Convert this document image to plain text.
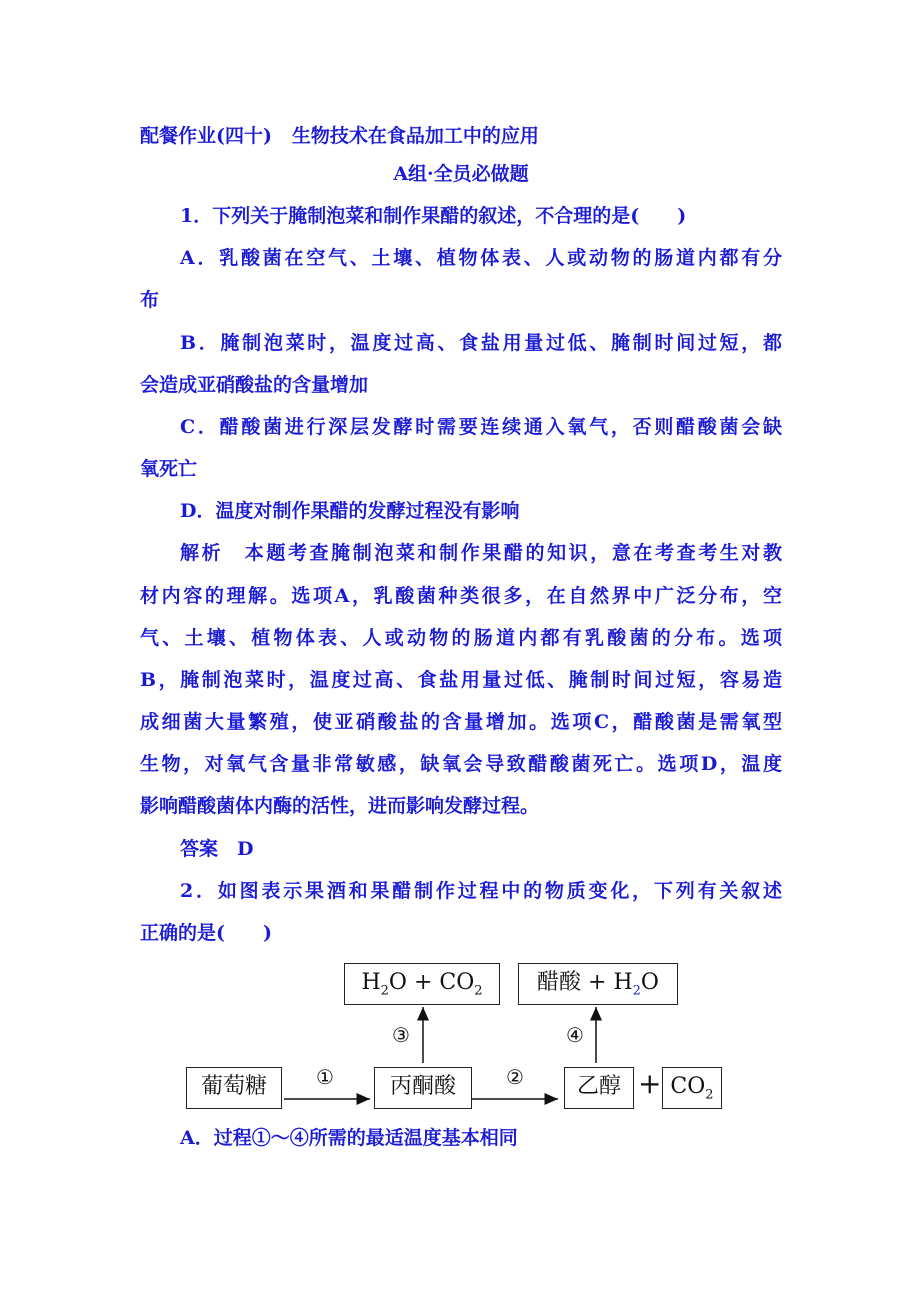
配餐作业(四十) 生物技术在食品加工中的应用
A组·全员必做题
1．下列关于腌制泡菜和制作果醋的叙述，不合理的是(　　)
A．乳酸菌在空气、土壤、植物体表、人或动物的肠道内都有分
布
B．腌制泡菜时，温度过高、食盐用量过低、腌制时间过短，都
会造成亚硝酸盐的含量增加
C．醋酸菌进行深层发酵时需要连续通入氧气，否则醋酸菌会缺
氧死亡
D．温度对制作果醋的发酵过程没有影响
解析　本题考查腌制泡菜和制作果醋的知识，意在考查考生对教
材内容的理解。选项A，乳酸菌种类很多，在自然界中广泛分布，空
气、土壤、植物体表、人或动物的肠道内都有乳酸菌的分布。选项
B，腌制泡菜时，温度过高、食盐用量过低、腌制时间过短，容易造
成细菌大量繁殖，使亚硝酸盐的含量增加。选项C，醋酸菌是需氧型
生物，对氧气含量非常敏感，缺氧会导致醋酸菌死亡。选项D，温度
影响醋酸菌体内酶的活性，进而影响发酵过程。
答案　D
2．如图表示果酒和果醋制作过程中的物质变化，下列有关叙述
正确的是(　　)
$H_2O + CO_2$	醋酸 + $H_2O$
③	④
①	②
葡萄糖	丙酮酸	乙醇 + $CO_2$
A．过程①～④所需的最适温度基本相同
